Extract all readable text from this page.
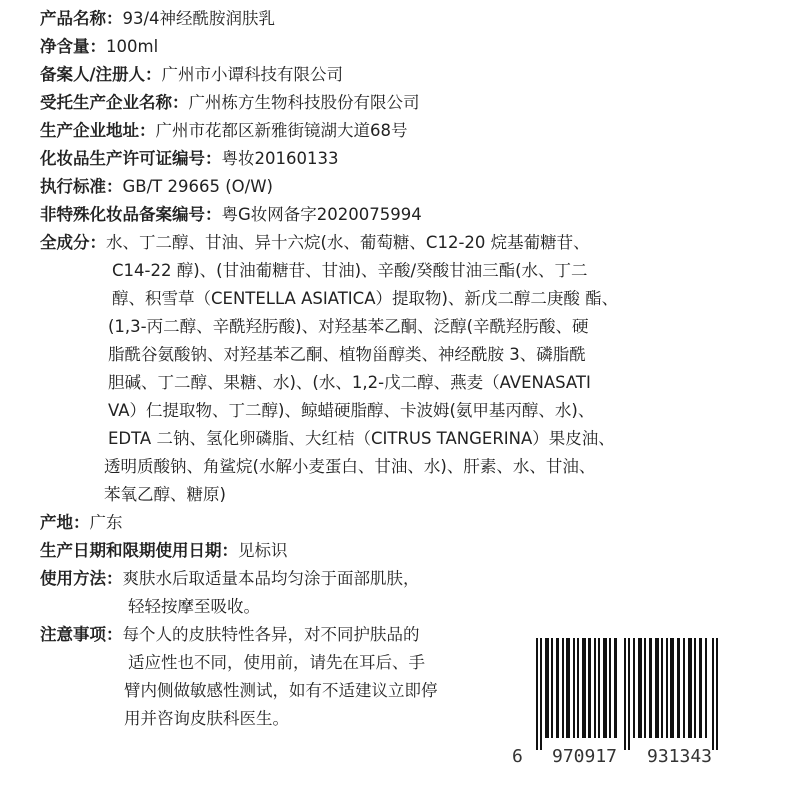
产品名称：93/4神经酰胺润肤乳
净含量：100ml
备案人/注册人：广州市小谭科技有限公司
受托生产企业名称：广州栋方生物科技股份有限公司
生产企业地址：广州市花都区新雅街镜湖大道68号
化妆品生产许可证编号：粤妆20160133
执行标准：GB/T 29665 (O/W)
非特殊化妆品备案编号：粤G妆网备字2020075994
全成分：水、丁二醇、甘油、异十六烷(水、葡萄糖、C12-20 烷基葡糖苷、
C14-22 醇)、(甘油葡糖苷、甘油)、辛酸/癸酸甘油三酯(水、丁二
醇、积雪草（CENTELLA ASIATICA）提取物)、新戊二醇二庚酸 酯、
(1,3-丙二醇、辛酰羟肟酸)、对羟基苯乙酮、泛醇(辛酰羟肟酸、硬
脂酰谷氨酸钠、对羟基苯乙酮、植物甾醇类、神经酰胺 3、磷脂酰
胆碱、丁二醇、果糖、水)、(水、1,2-戊二醇、燕麦（AVENASATI
VA）仁提取物、丁二醇)、鲸蜡硬脂醇、卡波姆(氨甲基丙醇、水)、
EDTA 二钠、氢化卵磷脂、大红桔（CITRUS TANGERINA）果皮油、
透明质酸钠、角鲨烷(水解小麦蛋白、甘油、水)、肝素、水、甘油、
苯氧乙醇、糖原)
产地：广东
生产日期和限期使用日期：见标识
使用方法：爽肤水后取适量本品均匀涂于面部肌肤，
轻轻按摩至吸收。
注意事项：每个人的皮肤特性各异，对不同护肤品的
适应性也不同，使用前，请先在耳后、手
臂内侧做敏感性测试，如有不适建议立即停
用并咨询皮肤科医生。
6 970917 931343
